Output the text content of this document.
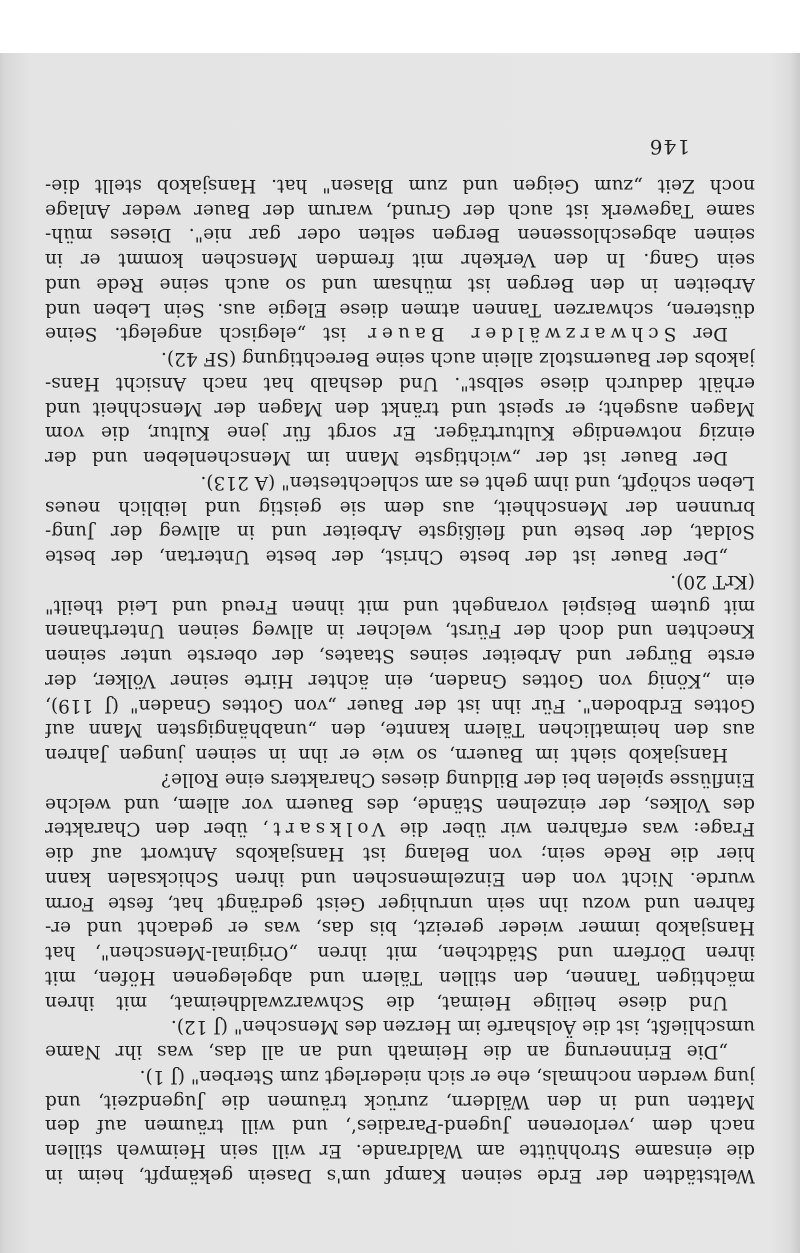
Weltstädten der Erde seinen Kampf um's Dasein gekämpft, heim in
die einsame Strohhütte am Waldrande. Er will sein Heimweh stillen
nach dem ‚verlorenen Jugend-Paradies‘, und will träumen auf den
Matten und in den Wäldern, zurück träumen die Jugendzeit, und
jung werden nochmals, ehe er sich niederlegt zum Sterben" (J 1).
„Die Erinnerung an die Heimath und an all das, was ihr Name
umschließt, ist die Äolsharfe im Herzen des Menschen" (J 12).
Und diese heilige Heimat, die Schwarzwaldheimat, mit ihren
mächtigen Tannen, den stillen Tälern und abgelegenen Höfen, mit
ihren Dörfern und Städtchen, mit ihren „Original-Menschen", hat
Hansjakob immer wieder gereizt, bis das, was er gedacht und er-
fahren und wozu ihn sein unruhiger Geist gedrängt hat, feste Form
wurde. Nicht von den Einzelmenschen und ihren Schicksalen kann
hier die Rede sein; von Belang ist Hansjakobs Antwort auf die
Frage: was erfahren wir über die Volksart, über den Charakter
des Volkes, der einzelnen Stände, des Bauern vor allem, und welche
Einflüsse spielen bei der Bildung dieses Charakters eine Rolle?
Hansjakob sieht im Bauern, so wie er ihn in seinen jungen Jahren
aus den heimatlichen Tälern kannte, den „unabhängigsten Mann auf
Gottes Erdboden". Für ihn ist der Bauer „von Gottes Gnaden" (J 119),
ein „König von Gottes Gnaden, ein ächter Hirte seiner Völker, der
erste Bürger und Arbeiter seines Staates, der oberste unter seinen
Knechten und doch der Fürst, welcher in allweg seinen Unterthanen
mit gutem Beispiel vorangeht und mit ihnen Freud und Leid theilt"
(KrT 20).
„Der Bauer ist der beste Christ, der beste Untertan, der beste
Soldat, der beste und fleißigste Arbeiter und in allweg der Jung-
brunnen der Menschheit, aus dem sie geistig und leiblich neues
Leben schöpft, und ihm geht es am schlechtesten" (A 213).
Der Bauer ist der „wichtigste Mann im Menschenleben und der
einzig notwendige Kulturträger. Er sorgt für jene Kultur, die vom
Magen ausgeht; er speist und tränkt den Magen der Menschheit und
erhält dadurch diese selbst". Und deshalb hat nach Ansicht Hans-
jakobs der Bauernstolz allein auch seine Berechtigung (SF 42).
Der Schwarzwälder Bauer ist „elegisch angelegt. Seine
düsteren, schwarzen Tannen atmen diese Elegie aus. Sein Leben und
Arbeiten in den Bergen ist mühsam und so auch seine Rede und
sein Gang. In den Verkehr mit fremden Menschen kommt er in
seinen abgeschlossenen Bergen selten oder gar nie". Dieses müh-
same Tagewerk ist auch der Grund, warum der Bauer weder Anlage
noch Zeit „zum Geigen und zum Blasen" hat. Hansjakob stellt die-
146
